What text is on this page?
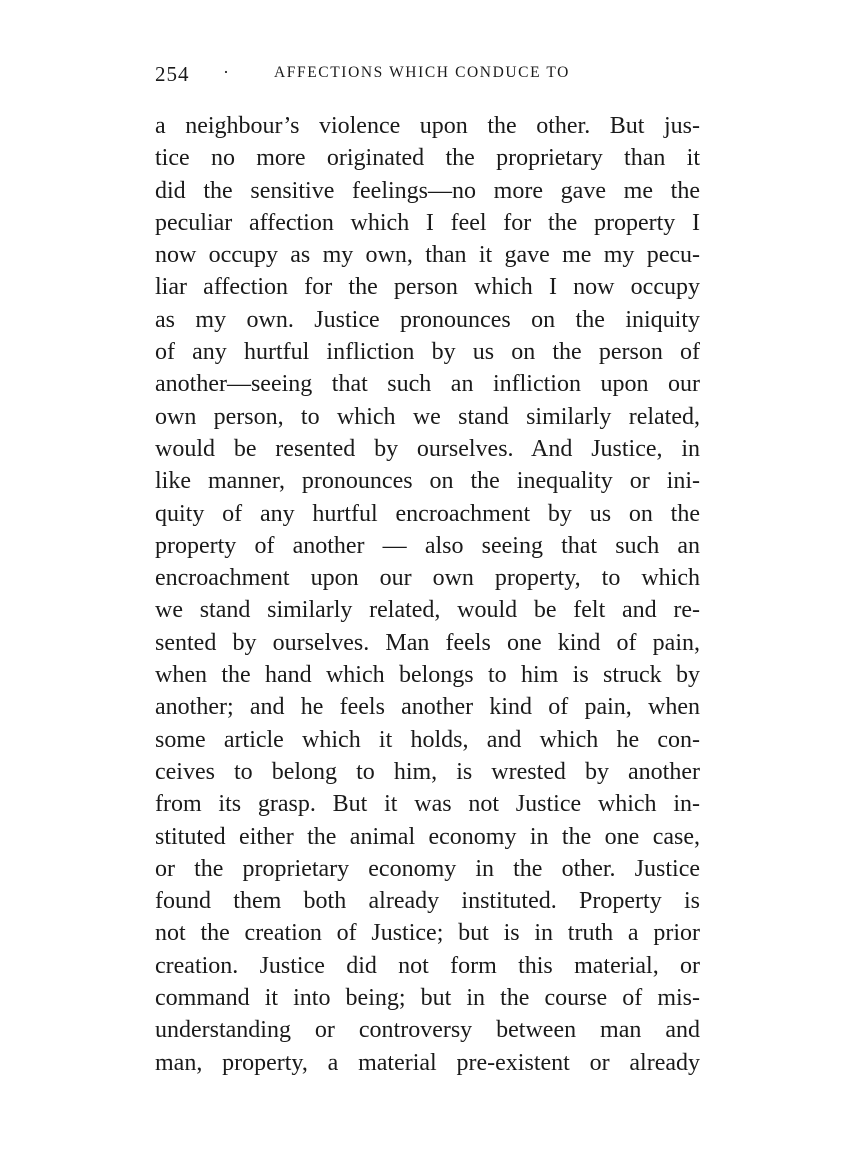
254 ·	AFFECTIONS WHICH CONDUCE TO
a neighbour’s violence upon the other. But jus-
tice no more originated the proprietary than it
did the sensitive feelings—no more gave me the
peculiar affection which I feel for the property I
now occupy as my own, than it gave me my pecu-
liar affection for the person which I now occupy
as my own. Justice pronounces on the iniquity
of any hurtful infliction by us on the person of
another—seeing that such an infliction upon our
own person, to which we stand similarly related,
would be resented by ourselves. And Justice, in
like manner, pronounces on the inequality or ini-
quity of any hurtful encroachment by us on the
property of another — also seeing that such an
encroachment upon our own property, to which
we stand similarly related, would be felt and re-
sented by ourselves. Man feels one kind of pain,
when the hand which belongs to him is struck by
another; and he feels another kind of pain, when
some article which it holds, and which he con-
ceives to belong to him, is wrested by another
from its grasp. But it was not Justice which in-
stituted either the animal economy in the one case,
or the proprietary economy in the other. Justice
found them both already instituted. Property is
not the creation of Justice; but is in truth a prior
creation. Justice did not form this material, or
command it into being; but in the course of mis-
understanding or controversy between man and
man, property, a material pre-existent or already
